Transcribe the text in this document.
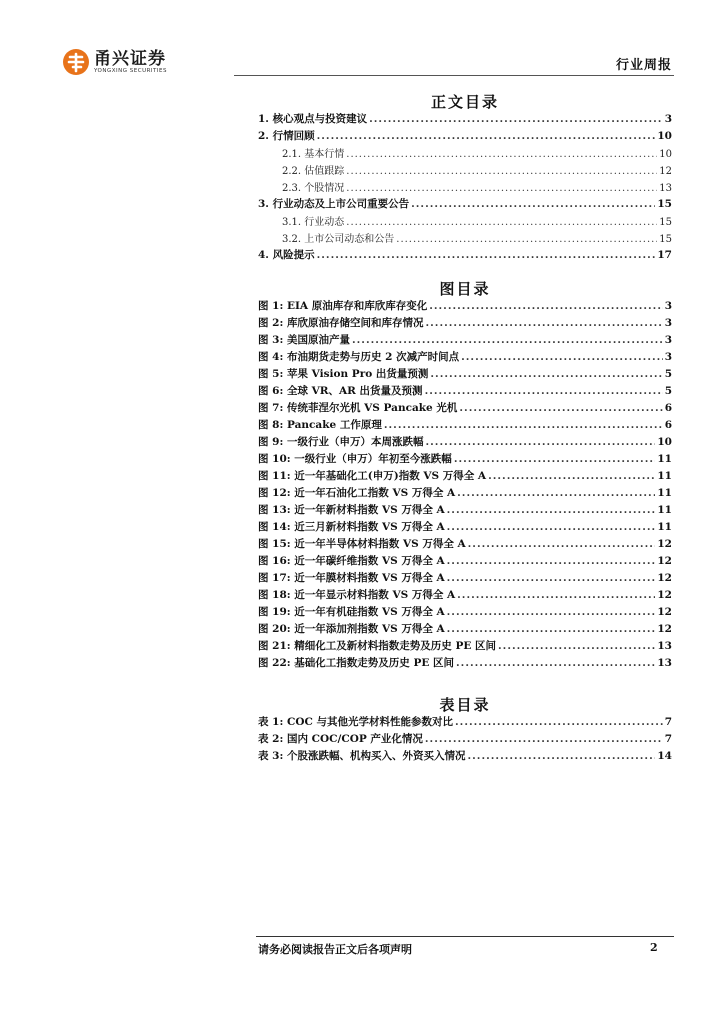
甬兴证券
YONGXING SECURITIES	行业周报
正文目录
1. 核心观点与投资建议 .....	3
2. 行情回顾 .....	10
2.1. 基本行情 .....	10
2.2. 估值跟踪 .....	12
2.3. 个股情况 .....	13
3. 行业动态及上市公司重要公告 .....	15
3.1. 行业动态 .....	15
3.2. 上市公司动态和公告 .....	15
4. 风险提示 .....	17
图目录
图 1: EIA 原油库存和库欣库存变化 .....	3
图 2: 库欣原油存储空间和库存情况 .....	3
图 3: 美国原油产量 .....	3
图 4: 布油期货走势与历史 2 次减产时间点 .....	3
图 5: 苹果 Vision Pro 出货量预测 .....	5
图 6: 全球 VR、AR 出货量及预测 .....	5
图 7: 传统菲涅尔光机 VS Pancake 光机 .....	6
图 8: Pancake 工作原理 .....	6
图 9: 一级行业（申万）本周涨跌幅 .....	10
图 10: 一级行业（申万）年初至今涨跌幅 .....	11
图 11: 近一年基础化工(申万)指数 VS 万得全 A .....	11
图 12: 近一年石油化工指数 VS 万得全 A .....	11
图 13: 近一年新材料指数 VS 万得全 A .....	11
图 14: 近三月新材料指数 VS 万得全 A .....	11
图 15: 近一年半导体材料指数 VS 万得全 A .....	12
图 16: 近一年碳纤维指数 VS 万得全 A .....	12
图 17: 近一年膜材料指数 VS 万得全 A .....	12
图 18: 近一年显示材料指数 VS 万得全 A .....	12
图 19: 近一年有机硅指数 VS 万得全 A .....	12
图 20: 近一年添加剂指数 VS 万得全 A .....	12
图 21: 精细化工及新材料指数走势及历史 PE 区间 .....	13
图 22: 基础化工指数走势及历史 PE 区间 .....	13
表目录
表 1: COC 与其他光学材料性能参数对比 .....	7
表 2: 国内 COC/COP 产业化情况 .....	7
表 3: 个股涨跌幅、机构买入、外资买入情况 .....	14
请务必阅读报告正文后各项声明	2
